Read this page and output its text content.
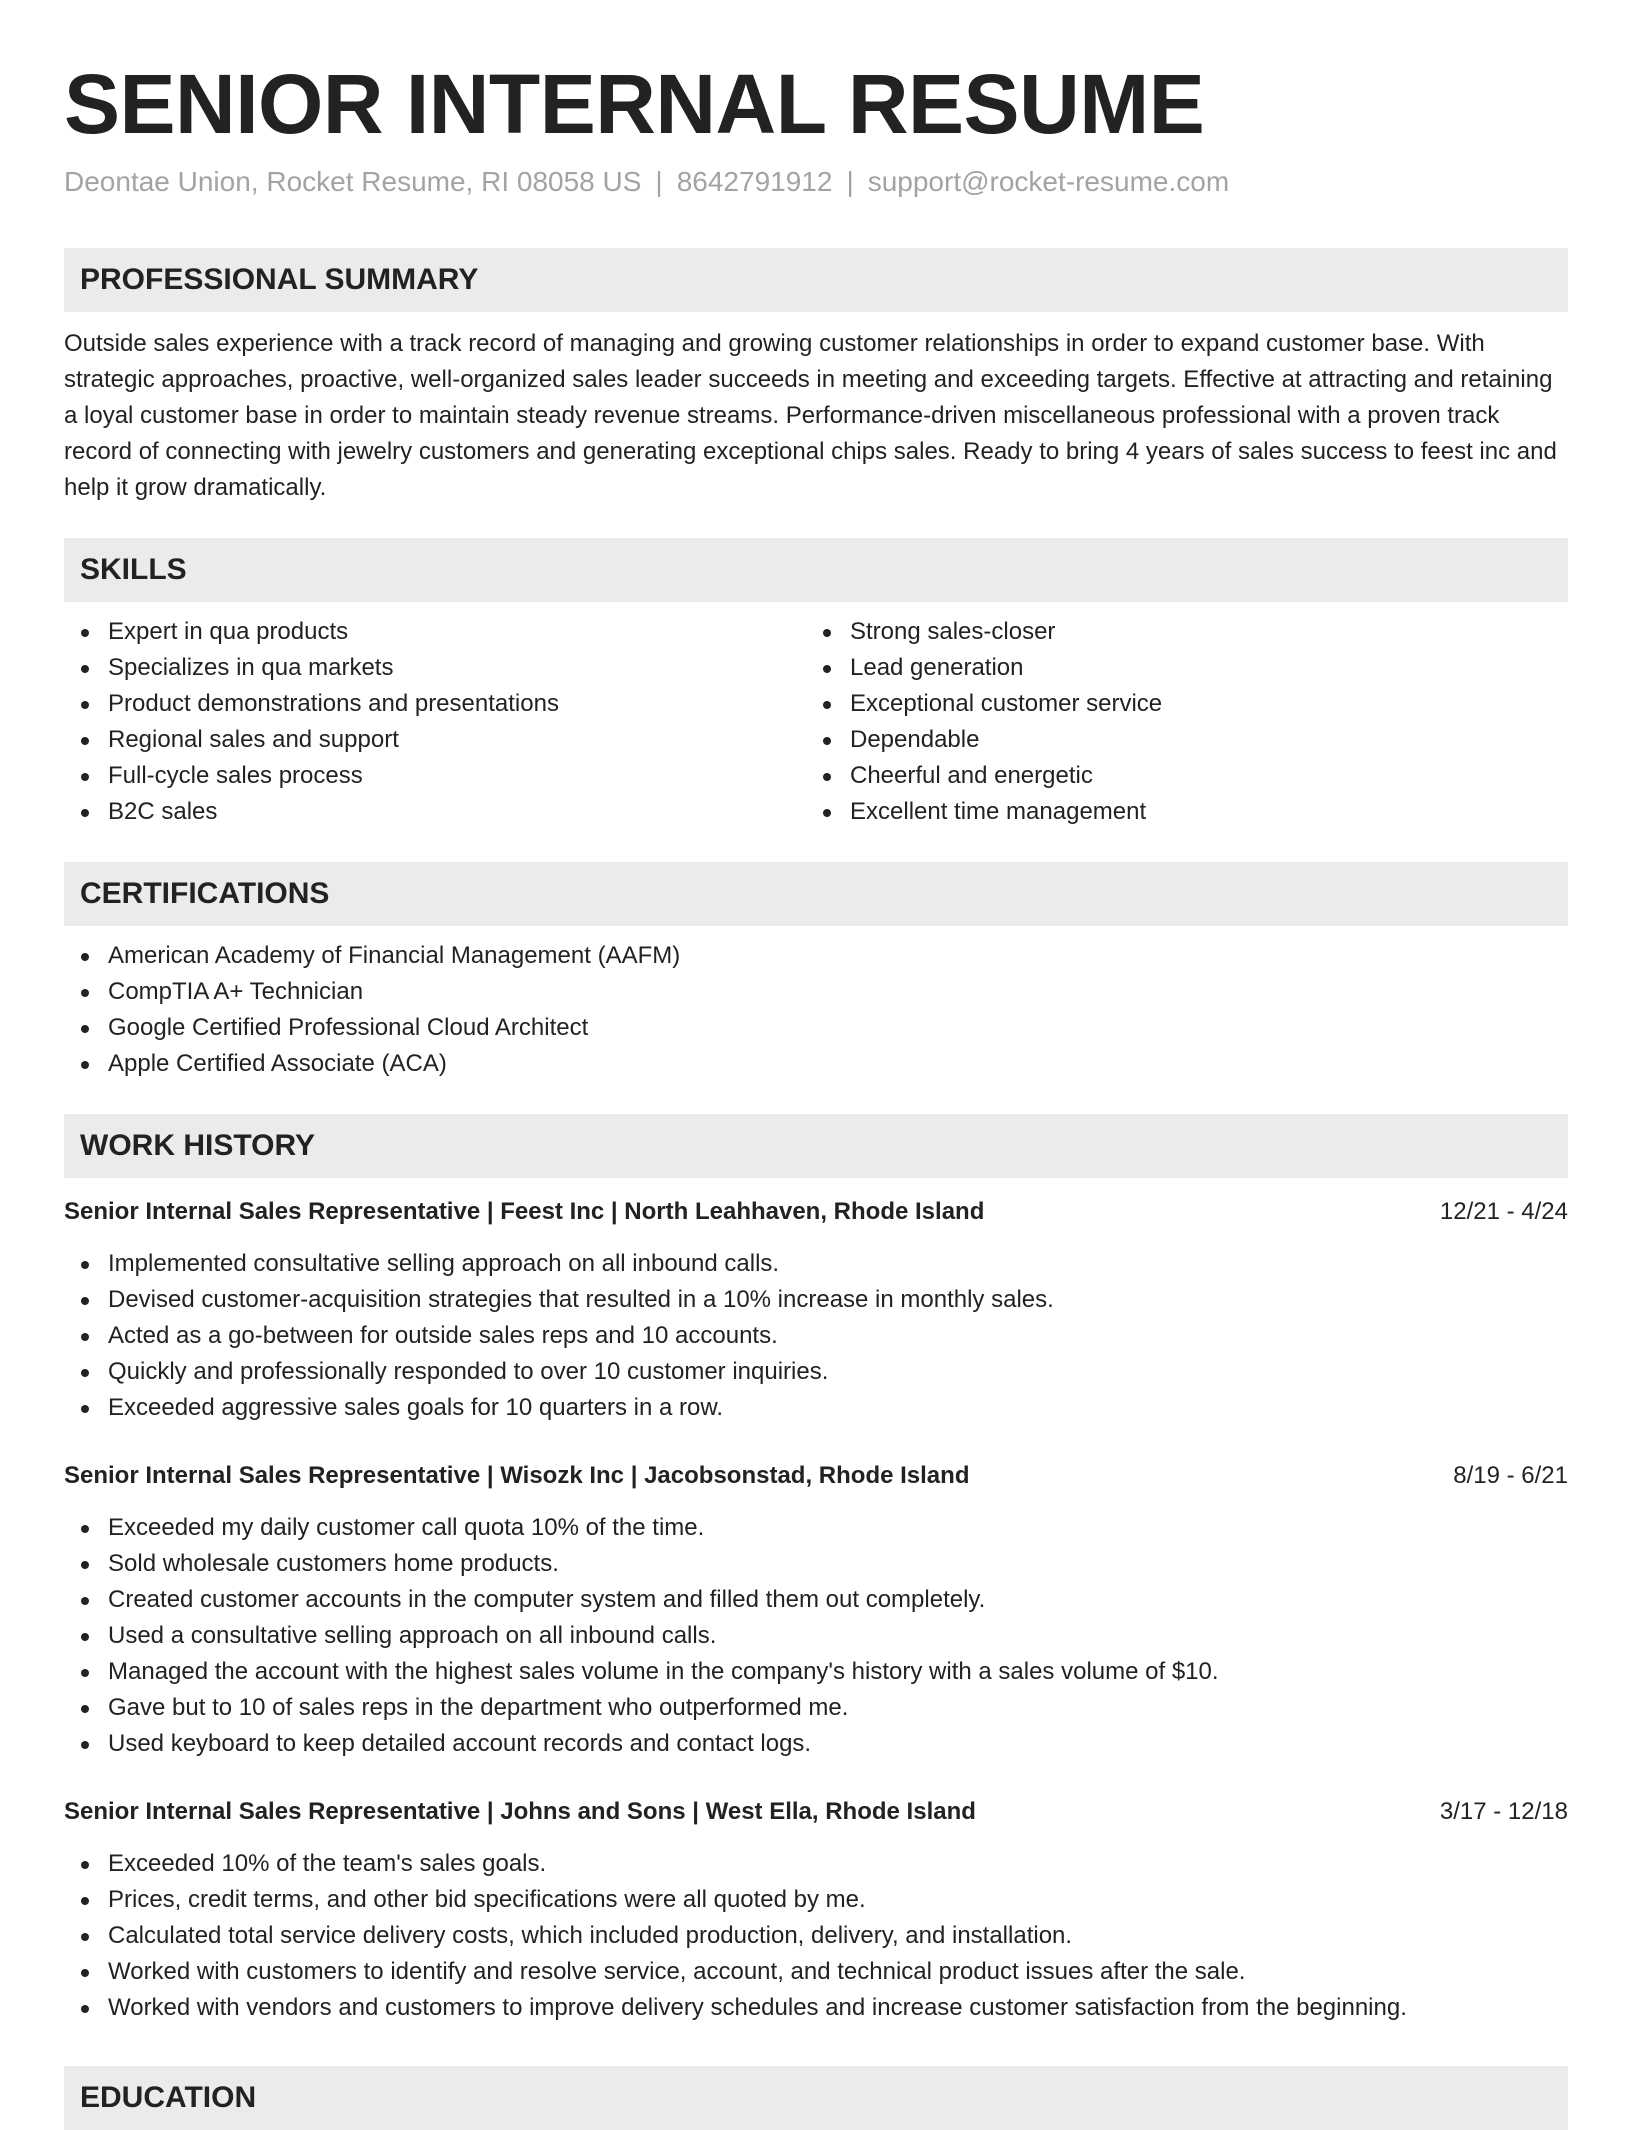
SENIOR INTERNAL RESUME
Deontae Union, Rocket Resume, RI 08058 US | 8642791912 | support@rocket-resume.com
PROFESSIONAL SUMMARY

Outside sales experience with a track record of managing and growing customer relationships in order to expand customer base. With strategic approaches, proactive, well-organized sales leader succeeds in meeting and exceeding targets. Effective at attracting and retaining a loyal customer base in order to maintain steady revenue streams. Performance-driven miscellaneous professional with a proven track record of connecting with jewelry customers and generating exceptional chips sales. Ready to bring 4 years of sales success to feest inc and help it grow dramatically.

SKILLS
Expert in qua products
Specializes in qua markets
Product demonstrations and presentations
Regional sales and support
Full-cycle sales process
B2C sales
Strong sales-closer
Lead generation
Exceptional customer service
Dependable
Cheerful and energetic
Excellent time management
CERTIFICATIONS
American Academy of Financial Management (AAFM)
CompTIA A+ Technician
Google Certified Professional Cloud Architect
Apple Certified Associate (ACA)
WORK HISTORY
Senior Internal Sales Representative | Feest Inc | North Leahhaven, Rhode Island	12/21 - 4/24
Implemented consultative selling approach on all inbound calls.
Devised customer-acquisition strategies that resulted in a 10% increase in monthly sales.
Acted as a go-between for outside sales reps and 10 accounts.
Quickly and professionally responded to over 10 customer inquiries.
Exceeded aggressive sales goals for 10 quarters in a row.
Senior Internal Sales Representative | Wisozk Inc | Jacobsonstad, Rhode Island	8/19 - 6/21
Exceeded my daily customer call quota 10% of the time.
Sold wholesale customers home products.
Created customer accounts in the computer system and filled them out completely.
Used a consultative selling approach on all inbound calls.
Managed the account with the highest sales volume in the company's history with a sales volume of $10.
Gave but to 10 of sales reps in the department who outperformed me.
Used keyboard to keep detailed account records and contact logs.
Senior Internal Sales Representative | Johns and Sons | West Ella, Rhode Island	3/17 - 12/18
Exceeded 10% of the team's sales goals.
Prices, credit terms, and other bid specifications were all quoted by me.
Calculated total service delivery costs, which included production, delivery, and installation.
Worked with customers to identify and resolve service, account, and technical product issues after the sale.
Worked with vendors and customers to improve delivery schedules and increase customer satisfaction from the beginning.
EDUCATION
